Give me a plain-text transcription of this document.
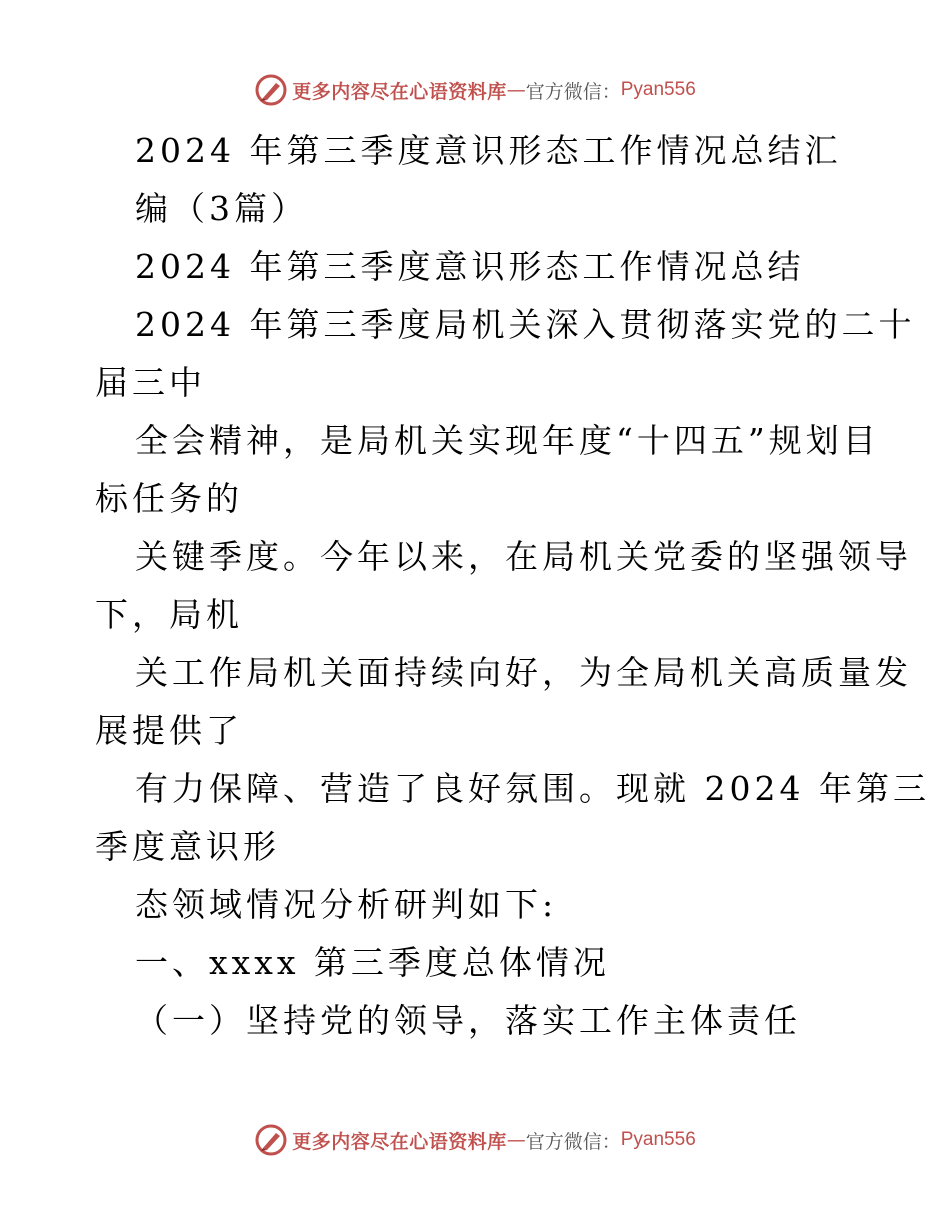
更多内容尽在心语资料库 — 官方微信： Pyan556
2024 年第三季度意识形态工作情况总结汇
编（3篇）
2024 年第三季度意识形态工作情况总结
2024 年第三季度局机关深入贯彻落实党的二十
届三中
全会精神，是局机关实现年度“十四五”规划目
标任务的
关键季度。今年以来，在局机关党委的坚强领导
下，局机
关工作局机关面持续向好，为全局机关高质量发
展提供了
有力保障、营造了良好氛围。现就 2024 年第三
季度意识形
态领域情况分析研判如下:
一、xxxx 第三季度总体情况
（一）坚持党的领导，落实工作主体责任
更多内容尽在心语资料库 — 官方微信： Pyan556
